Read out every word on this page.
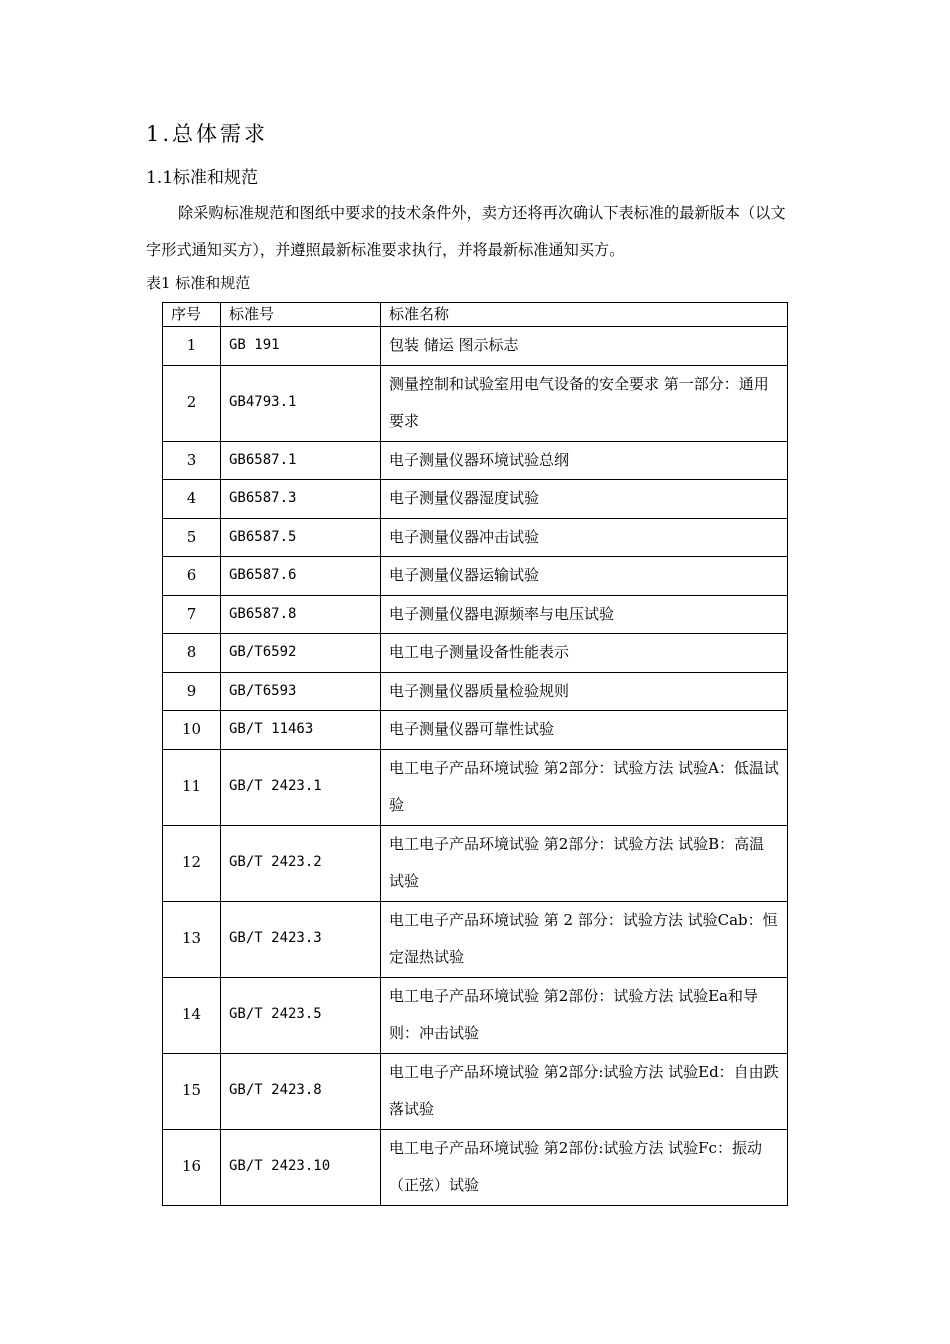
1.总体需求
1.1标准和规范
除采购标准规范和图纸中要求的技术条件外，卖方还将再次确认下表标准的最新版本（以文字形式通知买方），并遵照最新标准要求执行，并将最新标准通知买方。
表1 标准和规范
序号	标准号	标准名称
1	GB 191	包装 储运 图示标志
2	GB4793.1	测量控制和试验室用电气设备的安全要求 第一部分：通用要求
3	GB6587.1	电子测量仪器环境试验总纲
4	GB6587.3	电子测量仪器湿度试验
5	GB6587.5	电子测量仪器冲击试验
6	GB6587.6	电子测量仪器运输试验
7	GB6587.8	电子测量仪器电源频率与电压试验
8	GB/T6592	电工电子测量设备性能表示
9	GB/T6593	电子测量仪器质量检验规则
10	GB/T 11463	电子测量仪器可靠性试验
11	GB/T 2423.1	电工电子产品环境试验 第2部分：试验方法 试验A：低温试验
12	GB/T 2423.2	电工电子产品环境试验 第2部分：试验方法 试验B：高温试验
13	GB/T 2423.3	电工电子产品环境试验 第 2 部分：试验方法 试验Cab：恒定湿热试验
14	GB/T 2423.5	电工电子产品环境试验 第2部份：试验方法 试验Ea和导则：冲击试验
15	GB/T 2423.8	电工电子产品环境试验 第2部分:试验方法 试验Ed：自由跌落试验
16	GB/T 2423.10	电工电子产品环境试验 第2部份:试验方法 试验Fc：振动（正弦）试验
